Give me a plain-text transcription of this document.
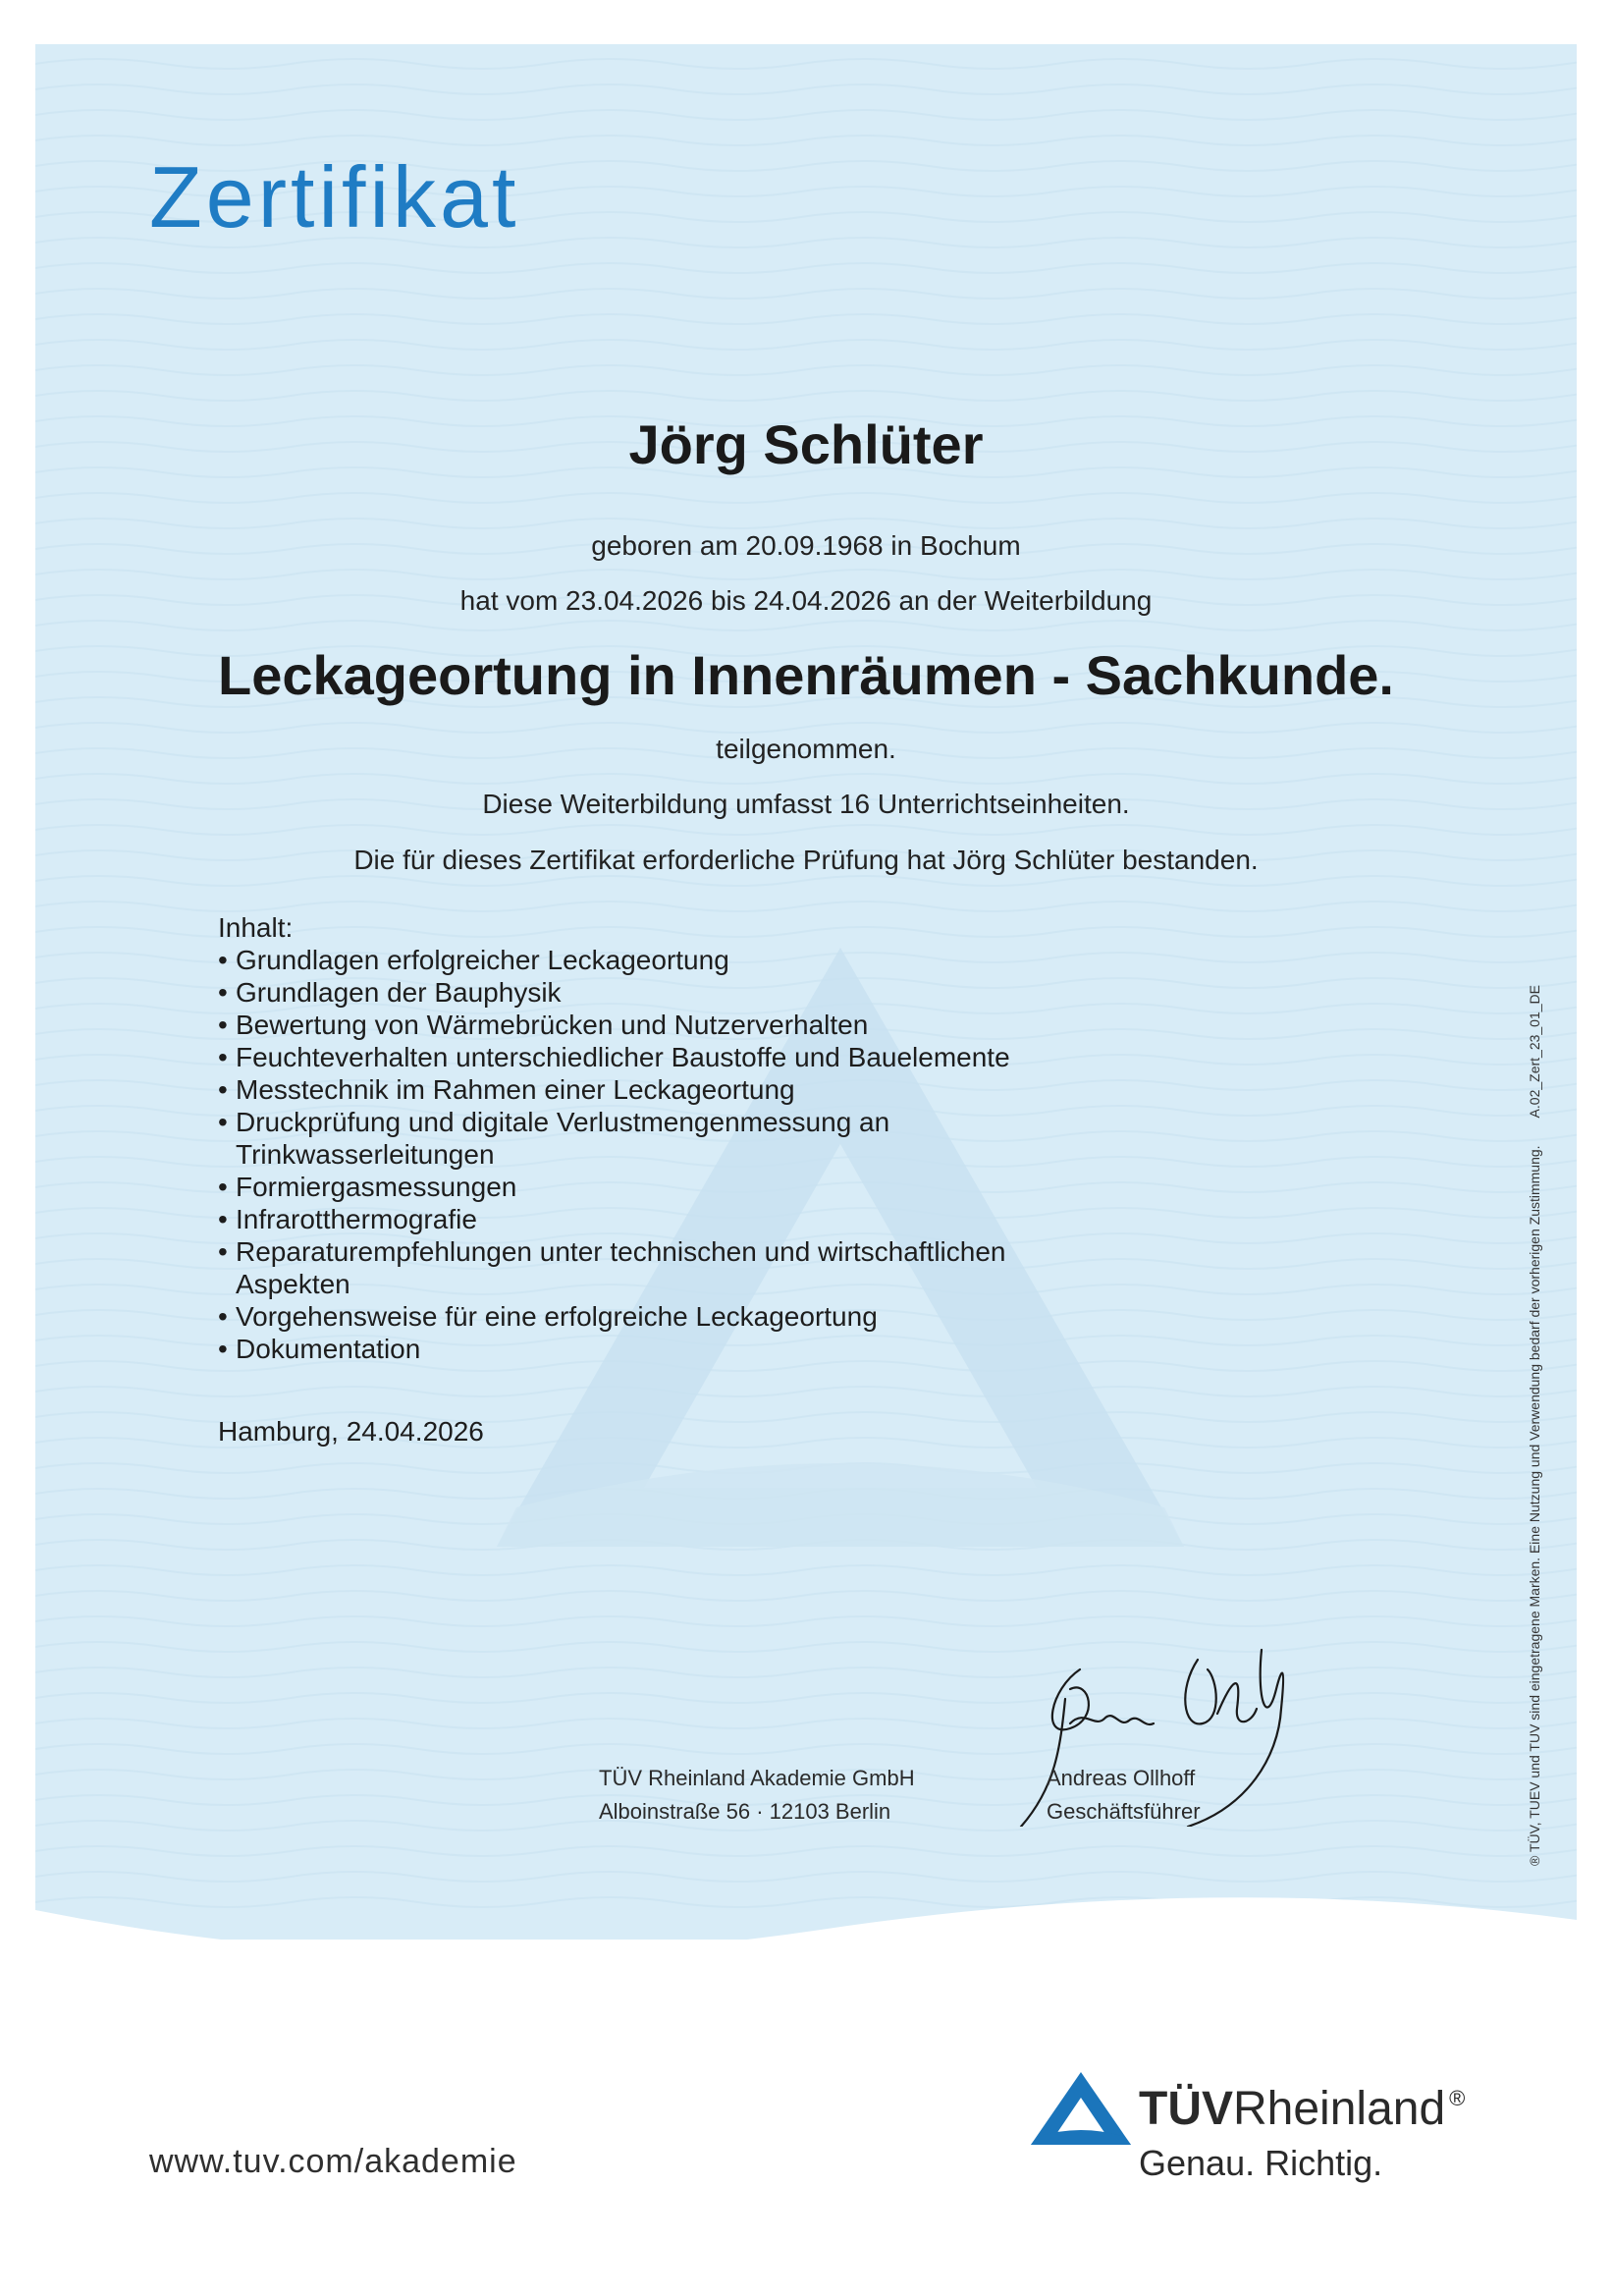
Zertifikat
Jörg Schlüter
geboren am 20.09.1968 in Bochum
hat vom 23.04.2026 bis 24.04.2026 an der Weiterbildung
Leckageortung in Innenräumen - Sachkunde.
teilgenommen.
Diese Weiterbildung umfasst 16 Unterrichtseinheiten.
Die für dieses Zertifikat erforderliche Prüfung hat Jörg Schlüter bestanden.
Inhalt:
• Grundlagen erfolgreicher Leckageortung
• Grundlagen der Bauphysik
• Bewertung von Wärmebrücken und Nutzerverhalten
• Feuchteverhalten unterschiedlicher Baustoffe und Bauelemente
• Messtechnik im Rahmen einer Leckageortung
• Druckprüfung und digitale Verlustmengenmessung an Trinkwasserleitungen
• Formiergasmessungen
• Infrarotthermografie
• Reparaturempfehlungen unter technischen und wirtschaftlichen Aspekten
• Vorgehensweise für eine erfolgreiche Leckageortung
• Dokumentation
Hamburg, 24.04.2026
TÜV Rheinland Akademie GmbH
Alboinstraße 56 · 12103 Berlin
Andreas Ollhoff
Geschäftsführer	® TÜV, TUEV und TUV sind eingetragene Marken. Eine Nutzung und Verwendung bedarf der vorherigen Zustimmung.A.02_Zert_23_01_DE
www.tuv.com/akademie
TÜVRheinland ®
Genau. Richtig.
